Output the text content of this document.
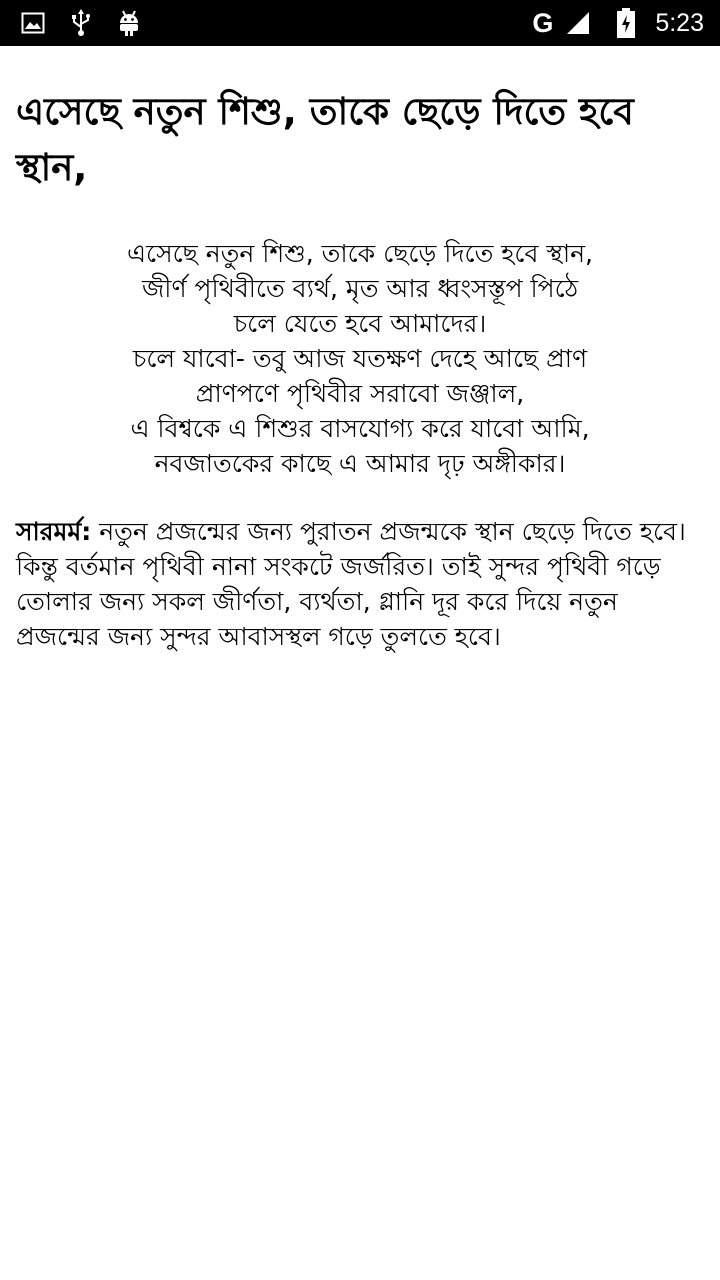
G	5:23
এসেছে নতুন শিশু, তাকে ছেড়ে দিতে হবে স্থান,
এসেছে নতুন শিশু, তাকে ছেড়ে দিতে হবে স্থান,
জীর্ণ পৃথিবীতে ব্যর্থ, মৃত আর ধ্বংসস্তূপ পিঠে
চলে যেতে হবে আমাদের।
চলে যাবো- তবু আজ যতক্ষণ দেহে আছে প্রাণ
প্রাণপণে পৃথিবীর সরাবো জঞ্জাল,
এ বিশ্বকে এ শিশুর বাসযোগ্য করে যাবো আমি,
নবজাতকের কাছে এ আমার দৃঢ় অঙ্গীকার।

সারমর্ম: নতুন প্রজন্মের জন্য পুরাতন প্রজন্মকে স্থান ছেড়ে দিতে হবে। কিন্তু বর্তমান পৃথিবী নানা সংকটে জর্জরিত। তাই সুন্দর পৃথিবী গড়ে তোলার জন্য সকল জীর্ণতা, ব্যর্থতা, গ্লানি দূর করে দিয়ে নতুন প্রজন্মের জন্য সুন্দর আবাসস্থল গড়ে তুলতে হবে।
